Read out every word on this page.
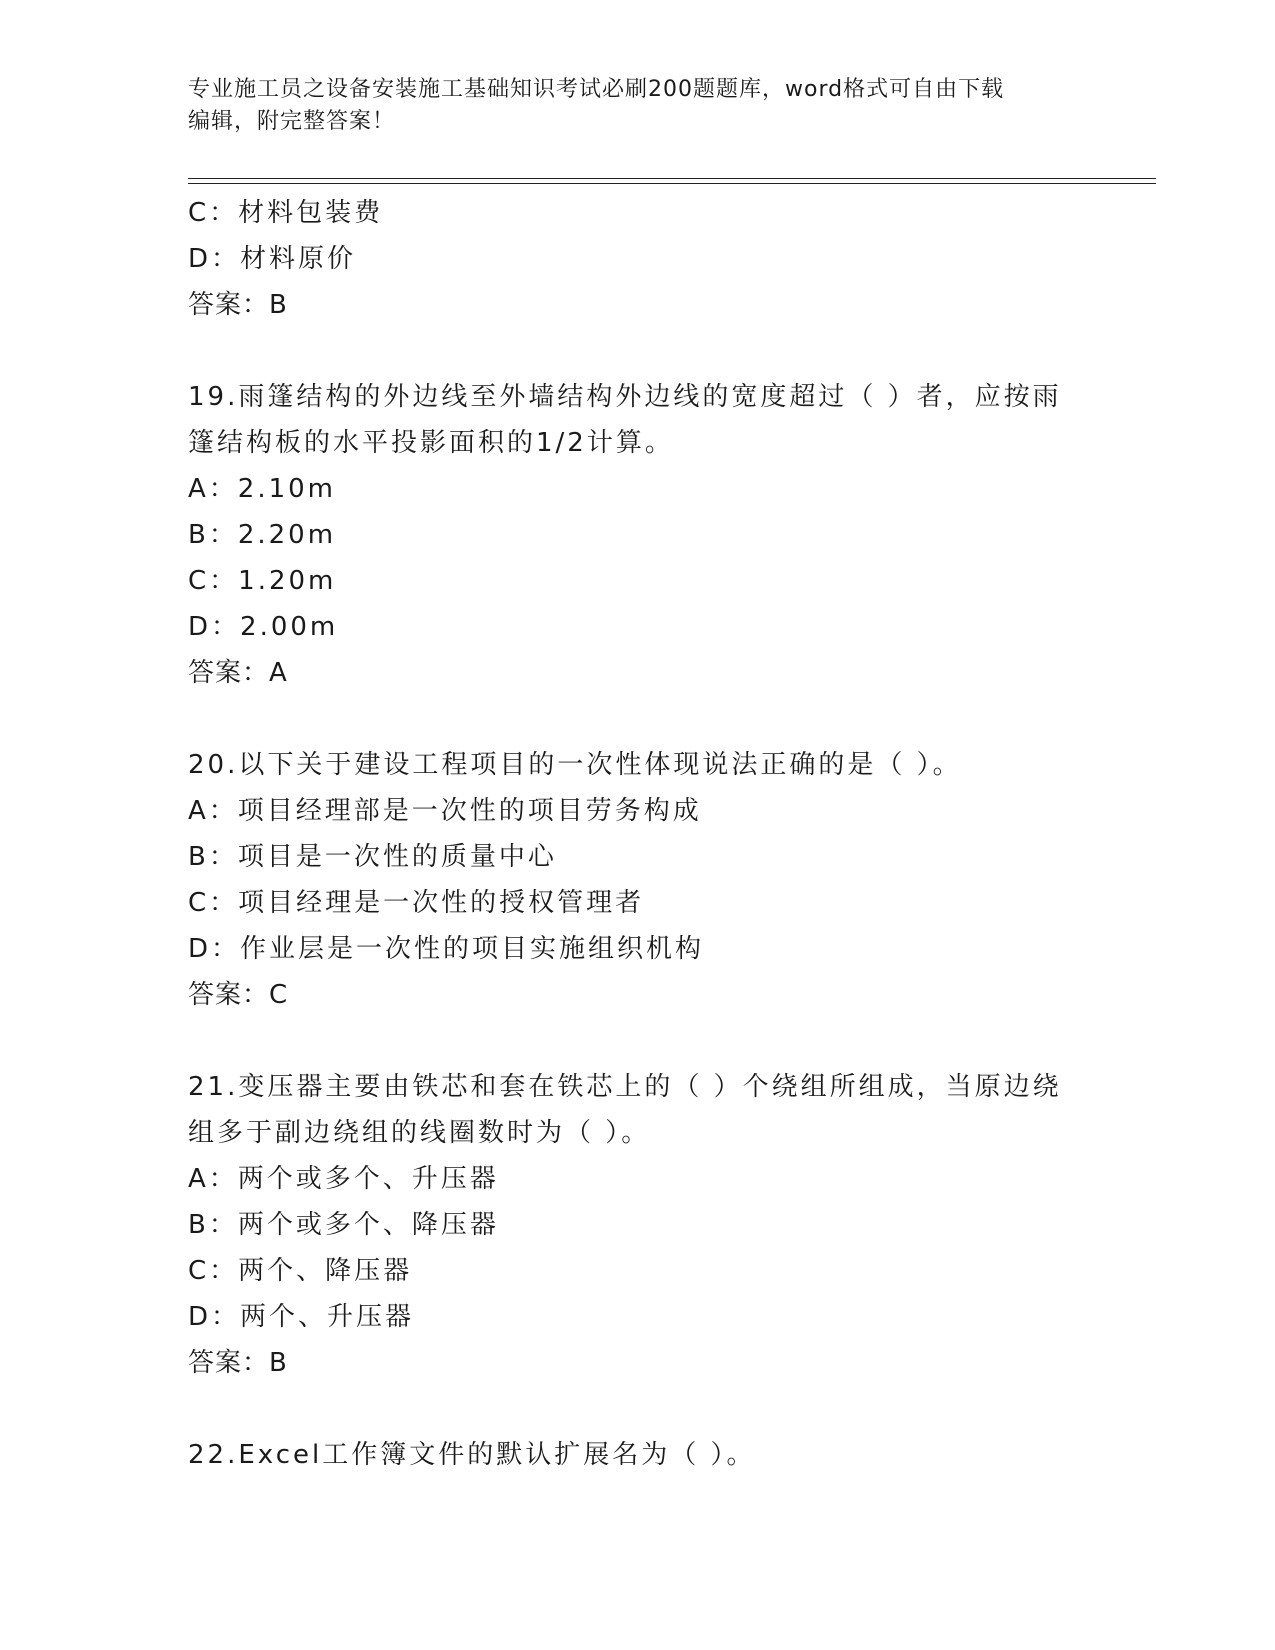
专业施工员之设备安装施工基础知识考试必刷200题题库，word格式可自由下载
编辑，附完整答案！
C：材料包装费
D：材料原价
答案：B
19.雨篷结构的外边线至外墙结构外边线的宽度超过（ ）者，应按雨
篷结构板的水平投影面积的1/2计算。
A：2.10m
B：2.20m
C：1.20m
D：2.00m
答案：A
20.以下关于建设工程项目的一次性体现说法正确的是（ ）。
A：项目经理部是一次性的项目劳务构成
B：项目是一次性的质量中心
C：项目经理是一次性的授权管理者
D：作业层是一次性的项目实施组织机构
答案：C
21.变压器主要由铁芯和套在铁芯上的（ ）个绕组所组成，当原边绕
组多于副边绕组的线圈数时为（ ）。
A：两个或多个、升压器
B：两个或多个、降压器
C：两个、降压器
D：两个、升压器
答案：B
22.Excel工作簿文件的默认扩展名为（ ）。
